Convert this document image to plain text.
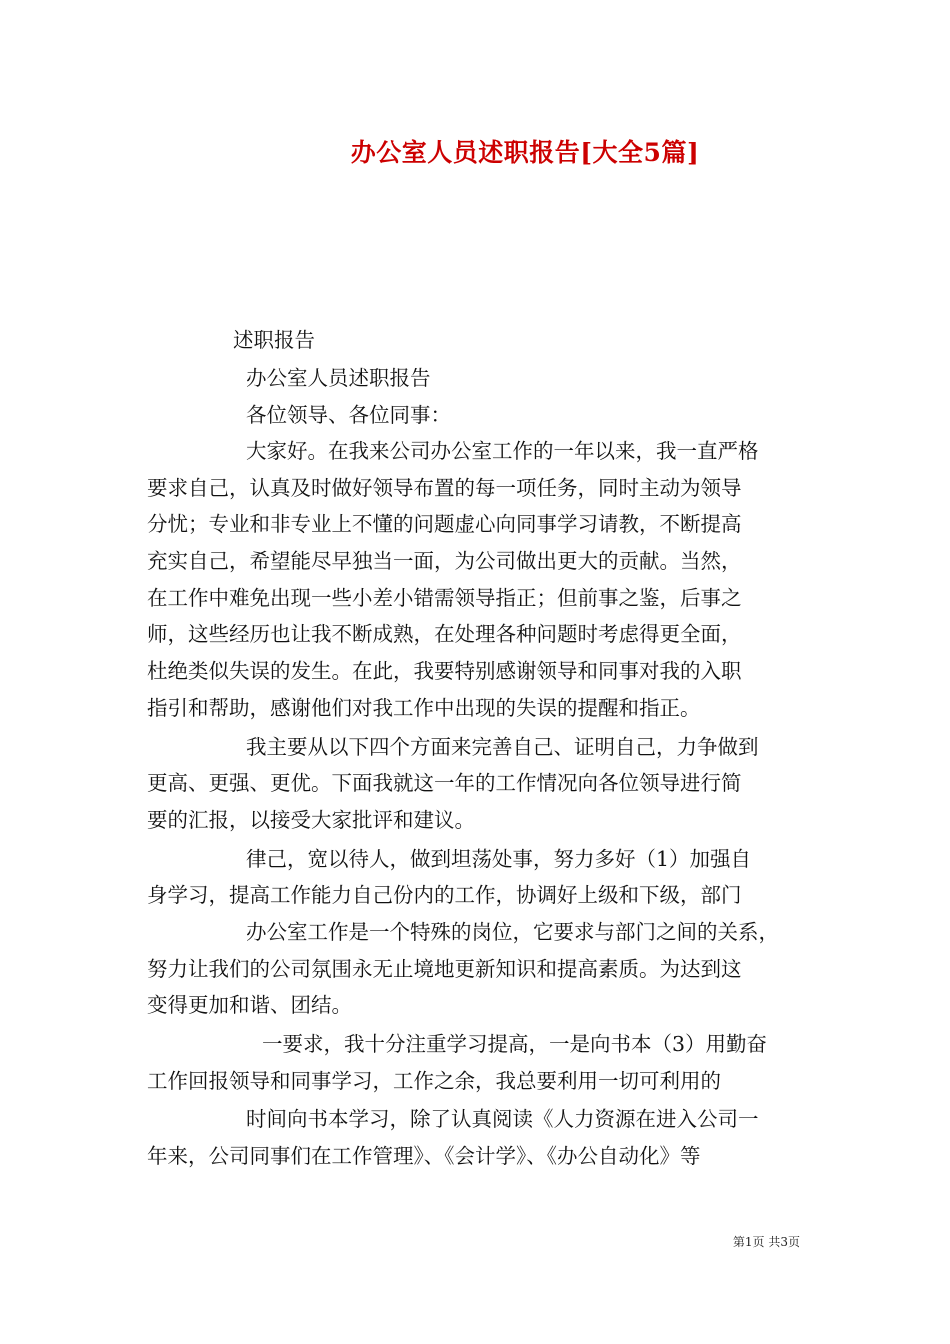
办公室人员述职报告[大全5篇]
述职报告
办公室人员述职报告
各位领导、各位同事：
大家好。在我来公司办公室工作的一年以来，我一直严格
要求自己，认真及时做好领导布置的每一项任务，同时主动为领导
分忧；专业和非专业上不懂的问题虚心向同事学习请教，不断提高
充实自己，希望能尽早独当一面，为公司做出更大的贡献。当然，
在工作中难免出现一些小差小错需领导指正；但前事之鉴，后事之
师，这些经历也让我不断成熟，在处理各种问题时考虑得更全面，
杜绝类似失误的发生。在此，我要特别感谢领导和同事对我的入职
指引和帮助，感谢他们对我工作中出现的失误的提醒和指正。
我主要从以下四个方面来完善自己、证明自己，力争做到
更高、更强、更优。下面我就这一年的工作情况向各位领导进行简
要的汇报，以接受大家批评和建议。
律己，宽以待人，做到坦荡处事，努力多好（1）加强自
身学习，提高工作能力自己份内的工作，协调好上级和下级，部门
办公室工作是一个特殊的岗位，它要求与部门之间的关系，
努力让我们的公司氛围永无止境地更新知识和提高素质。为达到这
变得更加和谐、团结。
一要求，我十分注重学习提高，一是向书本（3）用勤奋
工作回报领导和同事学习，工作之余，我总要利用一切可利用的
时间向书本学习，除了认真阅读《人力资源在进入公司一
年来，公司同事们在工作管理》、《会计学》、《办公自动化》等
第1页 共3页
